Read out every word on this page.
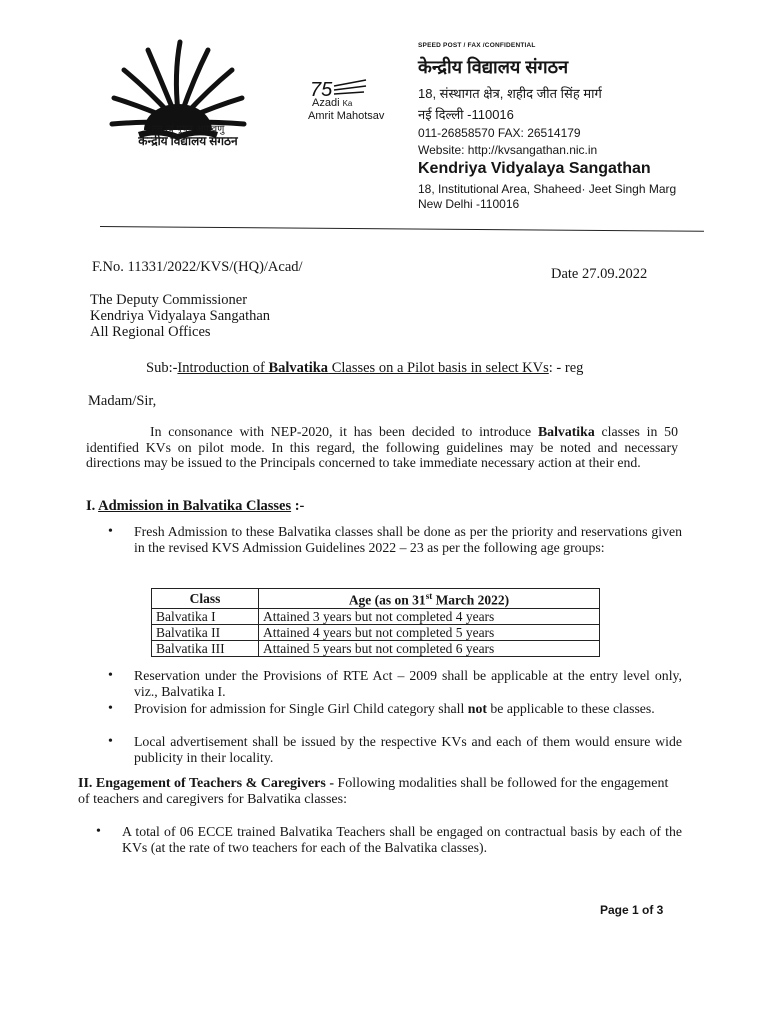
तत् त्वं पूषन् अपावृणु
केन्द्रीय विद्यालय संगठन
75
Azadi Ka
Amrit Mahotsav
SPEED POST / FAX /CONFIDENTIAL
केन्द्रीय विद्यालय संगठन
18, संस्थागत क्षेत्र, शहीद जीत सिंह मार्ग
नई दिल्ली -110016
011-26858570 FAX: 26514179
Website: http://kvsangathan.nic.in
Kendriya Vidyalaya Sangathan
18, Institutional Area, Shaheed· Jeet Singh Marg
New Delhi -110016
F.No. 11331/2022/KVS/(HQ)/Acad/	Date 27.09.2022
The Deputy Commissioner
Kendriya Vidyalaya Sangathan
All Regional Offices
Sub:-Introduction of Balvatika Classes on a Pilot basis in select KVs: - reg
Madam/Sir,
In consonance with NEP-2020, it has been decided to introduce Balvatika classes in 50 identified KVs on pilot mode. In this regard, the following guidelines may be noted and necessary directions may be issued to the Principals concerned to take immediate necessary action at their end.
I. Admission in Balvatika Classes :-
• Fresh Admission to these Balvatika classes shall be done as per the priority and reservations given in the revised KVS Admission Guidelines 2022 – 23 as per the following age groups:
Class	Age (as on 31st March 2022)
Balvatika I	Attained 3 years but not completed 4 years
Balvatika II	Attained 4 years but not completed 5 years
Balvatika III	Attained 5 years but not completed 6 years
• Reservation under the Provisions of RTE Act – 2009 shall be applicable at the entry level only, viz., Balvatika I.
• Provision for admission for Single Girl Child category shall not be applicable to these classes.
• Local advertisement shall be issued by the respective KVs and each of them would ensure wide publicity in their locality.
II. Engagement of Teachers & Caregivers - Following modalities shall be followed for the engagement of teachers and caregivers for Balvatika classes:
• A total of 06 ECCE trained Balvatika Teachers shall be engaged on contractual basis by each of the KVs (at the rate of two teachers for each of the Balvatika classes).
Page 1 of 3
